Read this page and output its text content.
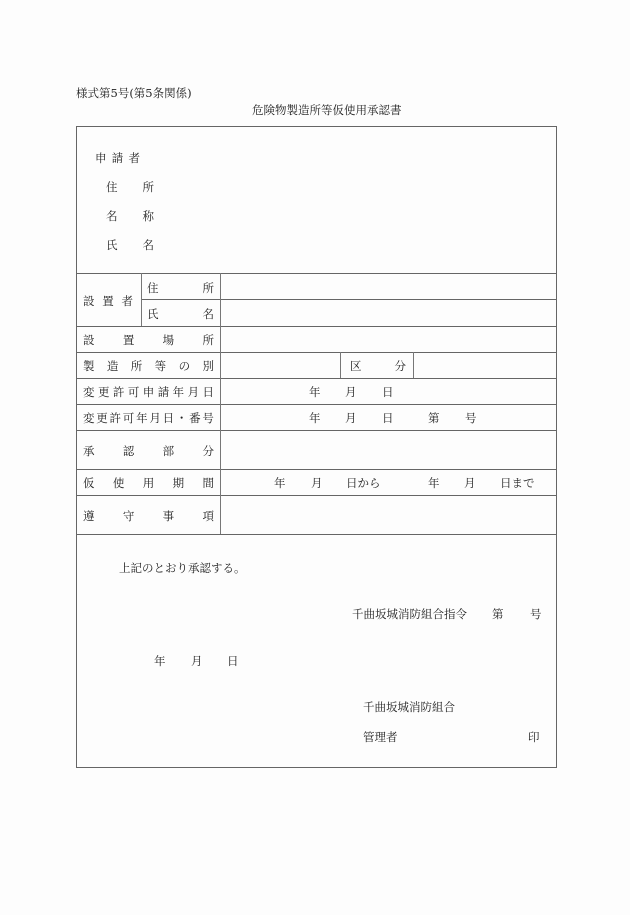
様式第5号(第5条関係)
危険物製造所等仮使用承認書
申 請 者
住 所
名 称
氏 名
設 置 者
住	所
氏	名
設 置 場 所
製 造 所 等 の 別	区	分
変 更 許 可 申 請 年 月 日	年 月 日
変 更 許 可 年 月 日 ・ 番 号	年 月 日	第 号
承 認 部 分
仮 使 用 期 間	年 月 日から	年 月 日まで
遵 守 事 項
上記のとおり承認する。
千曲坂城消防組合指令 第 号
年 月 日
千曲坂城消防組合
管理者	印
